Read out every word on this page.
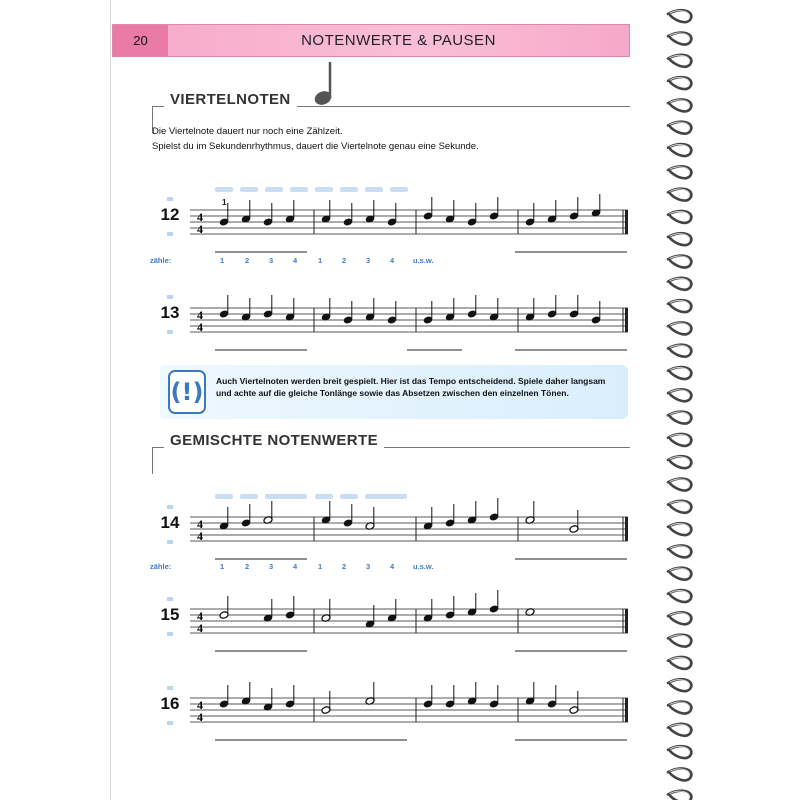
20	NOTENWERTE & PAUSEN
VIERTELNOTEN
Die Viertelnote dauert nur noch eine Zählzeit.
Spielst du im Sekundenrhythmus, dauert die Viertelnote genau eine Sekunde.
12
13
14
15
16
4
4
4
4
4
4
4
4
4
4
1
zähle:	1	2	3	4	1	2	3	4	u.s.w.
zähle:	1	2	3	4	1	2	3	4	u.s.w.
(!)	Auch Viertelnoten werden breit gespielt. Hier ist das Tempo entscheidend. Spiele daher langsam und achte auf die gleiche Tonlänge sowie das Absetzen zwischen den einzelnen Tönen.
GEMISCHTE NOTENWERTE
